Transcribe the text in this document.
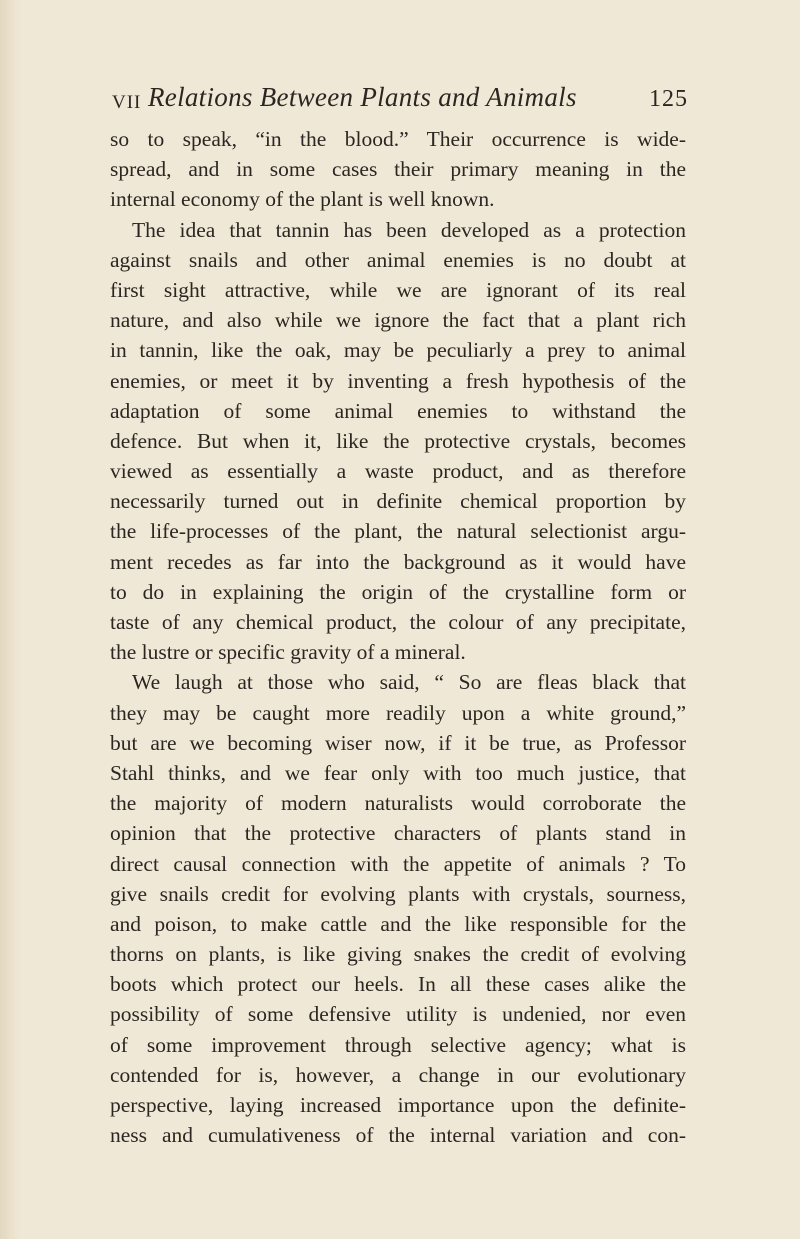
VII Relations Between Plants and Animals	125
so to speak, “in the blood.” Their occurrence is wide-
spread, and in some cases their primary meaning in the
internal economy of the plant is well known.
The idea that tannin has been developed as a protection
against snails and other animal enemies is no doubt at
first sight attractive, while we are ignorant of its real
nature, and also while we ignore the fact that a plant rich
in tannin, like the oak, may be peculiarly a prey to animal
enemies, or meet it by inventing a fresh hypothesis of the
adaptation of some animal enemies to withstand the
defence. But when it, like the protective crystals, becomes
viewed as essentially a waste product, and as therefore
necessarily turned out in definite chemical proportion by
the life-processes of the plant, the natural selectionist argu-
ment recedes as far into the background as it would have
to do in explaining the origin of the crystalline form or
taste of any chemical product, the colour of any precipitate,
the lustre or specific gravity of a mineral.
We laugh at those who said, “ So are fleas black that
they may be caught more readily upon a white ground,”
but are we becoming wiser now, if it be true, as Professor
Stahl thinks, and we fear only with too much justice, that
the majority of modern naturalists would corroborate the
opinion that the protective characters of plants stand in
direct causal connection with the appetite of animals ? To
give snails credit for evolving plants with crystals, sourness,
and poison, to make cattle and the like responsible for the
thorns on plants, is like giving snakes the credit of evolving
boots which protect our heels. In all these cases alike the
possibility of some defensive utility is undenied, nor even
of some improvement through selective agency; what is
contended for is, however, a change in our evolutionary
perspective, laying increased importance upon the definite-
ness and cumulativeness of the internal variation and con-
